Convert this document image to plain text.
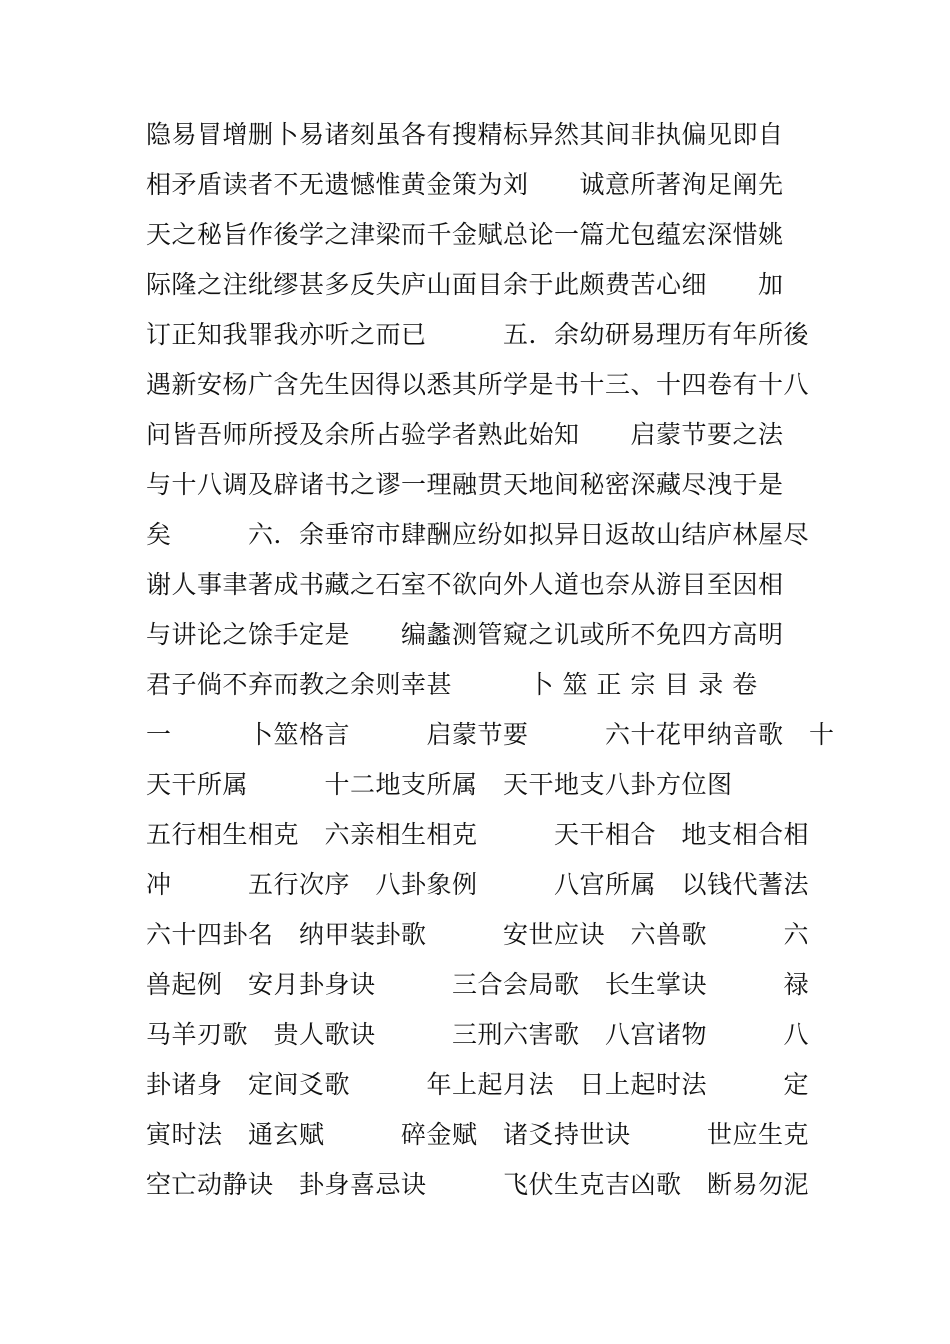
隐易冒增删卜易诸刻虽各有搜精标异然其间非执偏见即自
相矛盾读者不无遗憾惟黄金策为刘　　诚意所著洵足阐先
天之秘旨作後学之津梁而千金赋总论一篇尤包蕴宏深惜姚
际隆之注纰缪甚多反失庐山面目余于此颇费苦心细　　加
订正知我罪我亦听之而已　　　五．余幼研易理历有年所後
遇新安杨广含先生因得以悉其所学是书十三、十四卷有十八
问皆吾师所授及余所占验学者熟此始知　　启蒙节要之法
与十八调及辟诸书之谬一理融贯天地间秘密深藏尽洩于是
矣　　　六．余垂帘市肆酬应纷如拟异日返故山结庐林屋尽
谢人事聿著成书藏之石室不欲向外人道也奈从游目至因相
与讲论之馀手定是　　编蠡测管窥之讥或所不免四方高明
君子倘不弃而教之余则幸甚　　　卜 筮 正 宗 目 录 卷
一　　　卜筮格言　　　启蒙节要　　　六十花甲纳音歌　十
天干所属　　　十二地支所属　天干地支八卦方位图
五行相生相克　六亲相生相克　　　天干相合　地支相合相
冲　　　五行次序　八卦象例　　　八宫所属　以钱代蓍法
六十四卦名　纳甲装卦歌　　　安世应诀　六兽歌　　　六
兽起例　安月卦身诀　　　三合会局歌　长生掌诀　　　禄
马羊刃歌　贵人歌诀　　　三刑六害歌　八宫诸物　　　八
卦诸身　定间爻歌　　　年上起月法　日上起时法　　　定
寅时法　通玄赋　　　碎金赋　诸爻持世诀　　　世应生克
空亡动静诀　卦身喜忌诀　　　飞伏生克吉凶歌　断易勿泥
